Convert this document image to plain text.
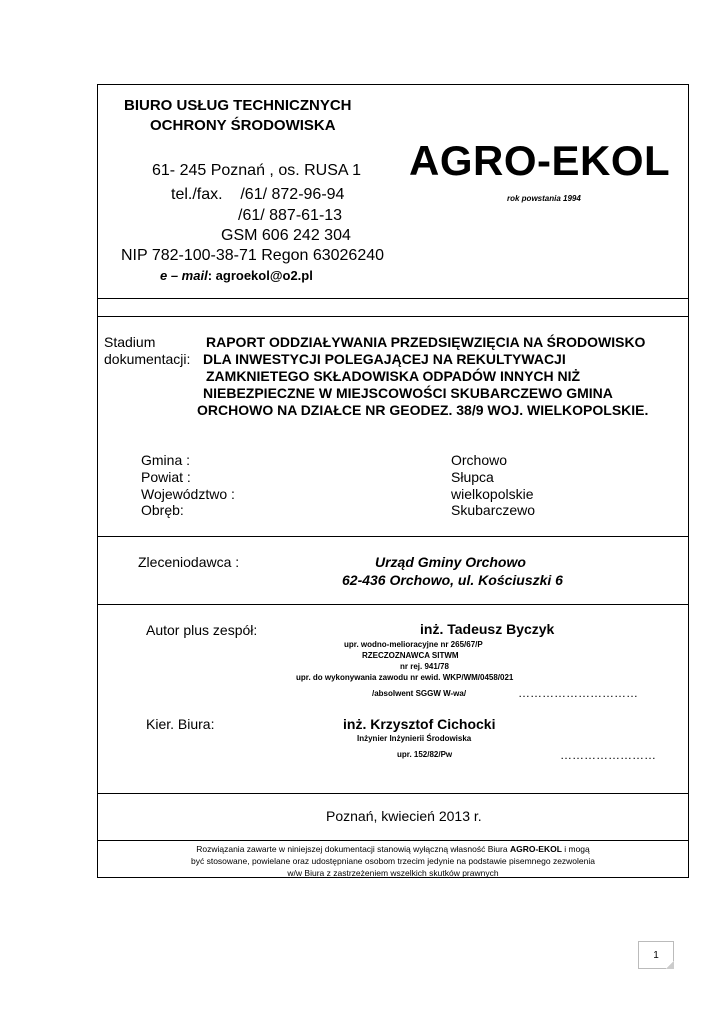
BIURO USŁUG TECHNICZNYCH
OCHRONY ŚRODOWISKA
61- 245 Poznań , os. RUSA 1
tel./fax.    /61/ 872-96-94
/61/ 887-61-13
GSM 606 242 304
NIP 782-100-38-71 Regon 63026240
e – mail: agroekol@o2.pl
AGRO-EKOL
rok powstania 1994
Stadium
dokumentacji:
RAPORT ODDZIAŁYWANIA PRZEDSIĘWZIĘCIA NA ŚRODOWISKO
DLA INWESTYCJI POLEGAJĄCEJ NA REKULTYWACJI
ZAMKNIETEGO SKŁADOWISKA ODPADÓW INNYCH NIŻ
NIEBEZPIECZNE W MIEJSCOWOŚCI SKUBARCZEWO GMINA
ORCHOWO NA DZIAŁCE NR GEODEZ. 38/9 WOJ. WIELKOPOLSKIE.
Gmina :	Orchowo
Powiat :	Słupca
Województwo :	wielkopolskie
Obręb:	Skubarczewo
Zleceniodawca :	Urząd Gminy Orchowo
62-436 Orchowo, ul. Kościuszki 6
Autor plus zespół:	inż. Tadeusz Byczyk
upr. wodno-melioracyjne nr 265/67/P
RZECZOZNAWCA SITWM
nr rej. 941/78
upr. do wykonywania zawodu nr ewid. WKP/WM/0458/021
/absolwent SGGW W-wa/	…………………………
Kier. Biura:	inż. Krzysztof Cichocki
Inżynier Inżynierii Środowiska
upr. 152/82/Pw	……………………
Poznań, kwiecień 2013 r.
Rozwiązania zawarte w niniejszej dokumentacji stanowią wyłączną własność Biura AGRO-EKOL i mogą
być stosowane, powielane oraz udostępniane osobom trzecim jedynie na podstawie pisemnego zezwolenia
w/w Biura z zastrzeżeniem wszelkich skutków prawnych
1
